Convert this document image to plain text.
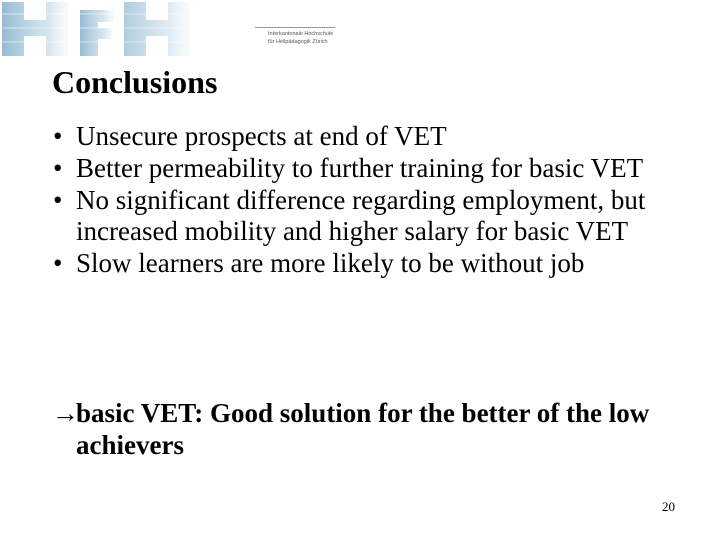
Interkantonale Hochschule
für Heilpädagogik Zürich
Conclusions
• Unsecure prospects at end of VET
• Better permeability to further training for basic VET
• No significant difference regarding employment, but increased mobility and higher salary for basic VET
• Slow learners are more likely to be without job

→
basic VET: Good solution for the better of the low achievers

20
